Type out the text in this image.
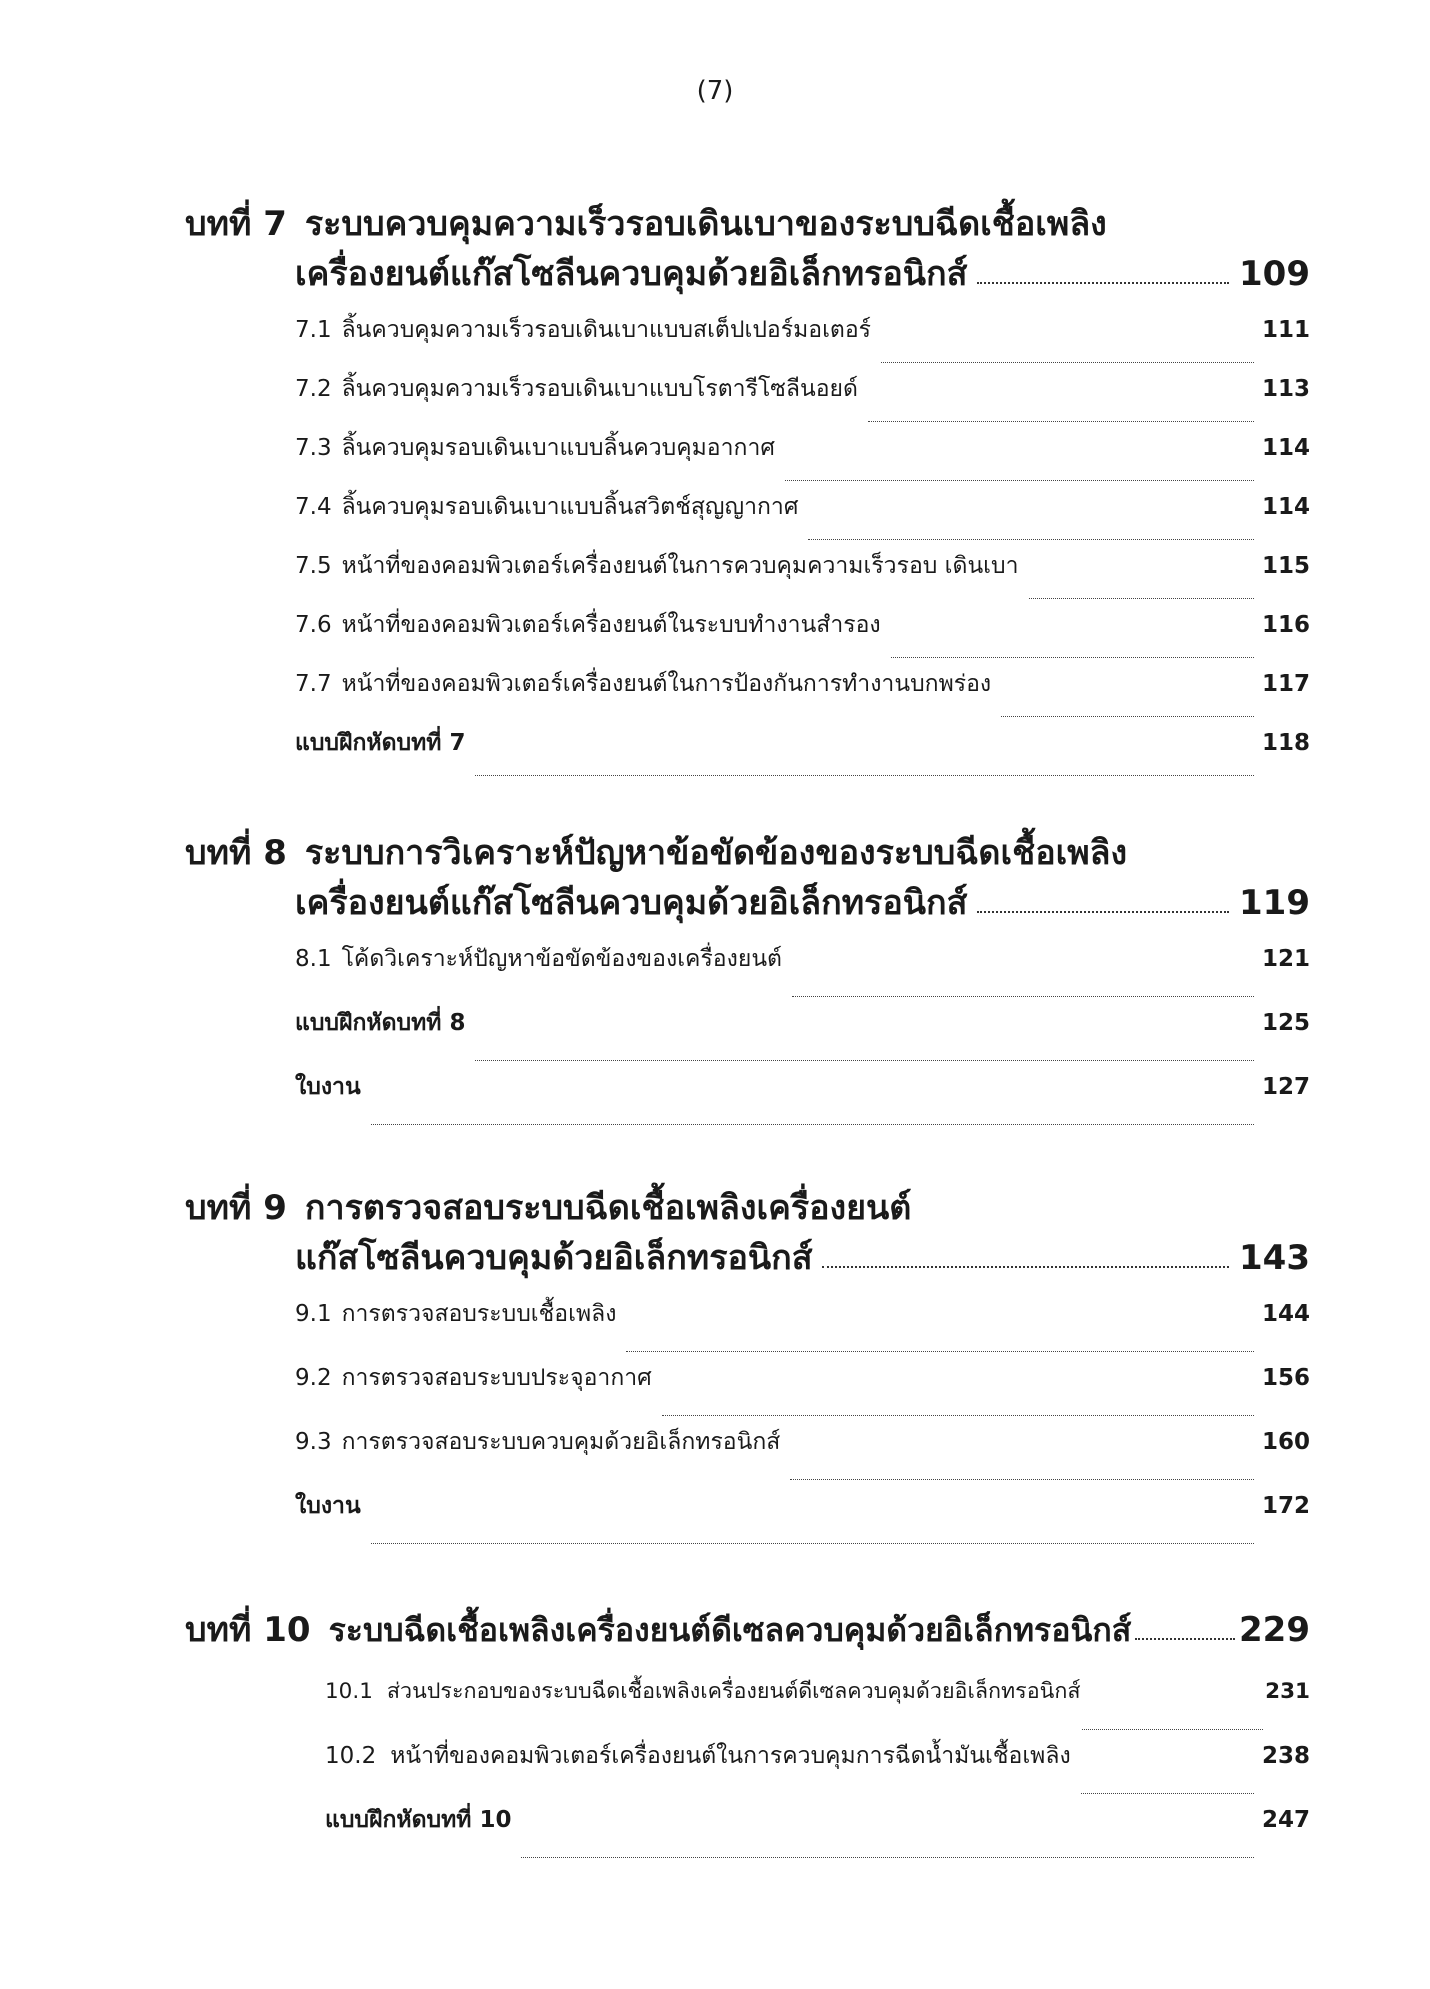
(7)
บทที่ 7 ระบบควบคุมความเร็วรอบเดินเบาของระบบฉีดเชื้อเพลิง
เครื่องยนต์แก๊สโซลีนควบคุมด้วยอิเล็กทรอนิกส์	109
7.1 ลิ้นควบคุมความเร็วรอบเดินเบาแบบสเต็ปเปอร์มอเตอร์	111
7.2 ลิ้นควบคุมความเร็วรอบเดินเบาแบบโรตารีโซลีนอยด์	113
7.3 ลิ้นควบคุมรอบเดินเบาแบบลิ้นควบคุมอากาศ	114
7.4 ลิ้นควบคุมรอบเดินเบาแบบลิ้นสวิตช์สุญญากาศ	114
7.5 หน้าที่ของคอมพิวเตอร์เครื่องยนต์ในการควบคุมความเร็วรอบ เดินเบา	115
7.6 หน้าที่ของคอมพิวเตอร์เครื่องยนต์ในระบบทำงานสำรอง	116
7.7 หน้าที่ของคอมพิวเตอร์เครื่องยนต์ในการป้องกันการทำงานบกพร่อง	117
แบบฝึกหัดบทที่ 7	118
บทที่ 8 ระบบการวิเคราะห์ปัญหาข้อขัดข้องของระบบฉีดเชื้อเพลิง
เครื่องยนต์แก๊สโซลีนควบคุมด้วยอิเล็กทรอนิกส์	119
8.1 โค้ดวิเคราะห์ปัญหาข้อขัดข้องของเครื่องยนต์	121
แบบฝึกหัดบทที่ 8	125
ใบงาน	127
บทที่ 9 การตรวจสอบระบบฉีดเชื้อเพลิงเครื่องยนต์
แก๊สโซลีนควบคุมด้วยอิเล็กทรอนิกส์	143
9.1 การตรวจสอบระบบเชื้อเพลิง	144
9.2 การตรวจสอบระบบประจุอากาศ	156
9.3 การตรวจสอบระบบควบคุมด้วยอิเล็กทรอนิกส์	160
ใบงาน	172
บทที่ 10 ระบบฉีดเชื้อเพลิงเครื่องยนต์ดีเซลควบคุมด้วยอิเล็กทรอนิกส์	229
10.1 ส่วนประกอบของระบบฉีดเชื้อเพลิงเครื่องยนต์ดีเซลควบคุมด้วยอิเล็กทรอนิกส์	231
10.2 หน้าที่ของคอมพิวเตอร์เครื่องยนต์ในการควบคุมการฉีดน้ำมันเชื้อเพลิง	238
แบบฝึกหัดบทที่ 10	247
